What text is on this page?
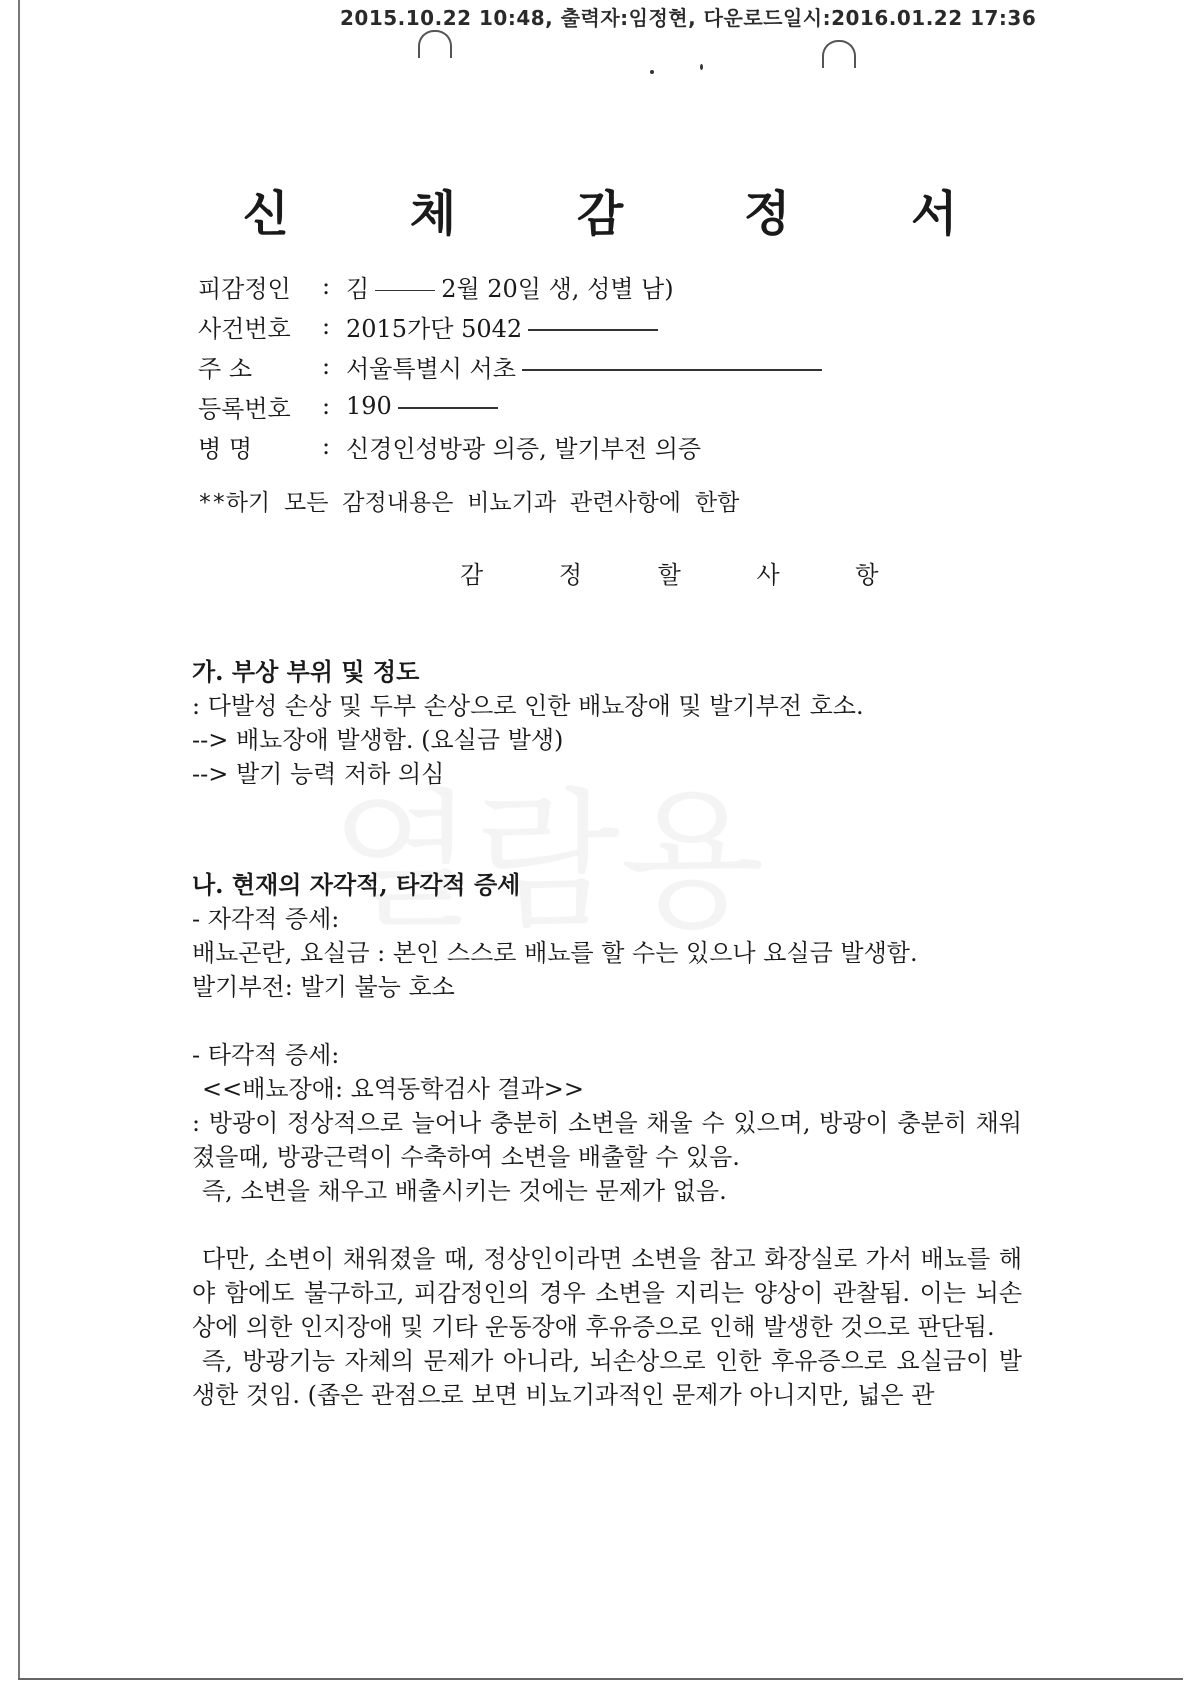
2015.10.22 10:48, 출력자:임정현, 다운로드일시:2016.01.22 17:36
신 체 감 정 서
피감정인	: 김	2월 20일 생, 성별 남)
사건번호	: 2015가단 5042
주 소	: 서울특별시 서초
등록번호	: 190
병 명	: 신경인성방광 의증, 발기부전 의증
**하기 모든 감정내용은 비뇨기과 관련사항에 한함
감 정 할 사 항

가. 부상 부위 및 정도

: 다발성 손상 및 두부 손상으로 인한 배뇨장애 및 발기부전 호소.

--> 배뇨장애 발생함. (요실금 발생)

--> 발기 능력 저하 의심

나. 현재의 자각적, 타각적 증세

- 자각적 증세:

배뇨곤란, 요실금 : 본인 스스로 배뇨를 할 수는 있으나 요실금 발생함.

발기부전: 발기 불능 호소

- 타각적 증세:

<<배뇨장애: 요역동학검사 결과>>

: 방광이 정상적으로 늘어나 충분히 소변을 채울 수 있으며, 방광이 충분히 채워졌을때, 방광근력이 수축하여 소변을 배출할 수 있음.

즉, 소변을 채우고 배출시키는 것에는 문제가 없음.

다만, 소변이 채워졌을 때, 정상인이라면 소변을 참고 화장실로 가서 배뇨를 해야 함에도 불구하고, 피감정인의 경우 소변을 지리는 양상이 관찰됨. 이는 뇌손상에 의한 인지장애 및 기타 운동장애 후유증으로 인해 발생한 것으로 판단됨.

즉, 방광기능 자체의 문제가 아니라, 뇌손상으로 인한 후유증으로 요실금이 발생한 것임. (좁은 관점으로 보면 비뇨기과적인 문제가 아니지만, 넓은 관
